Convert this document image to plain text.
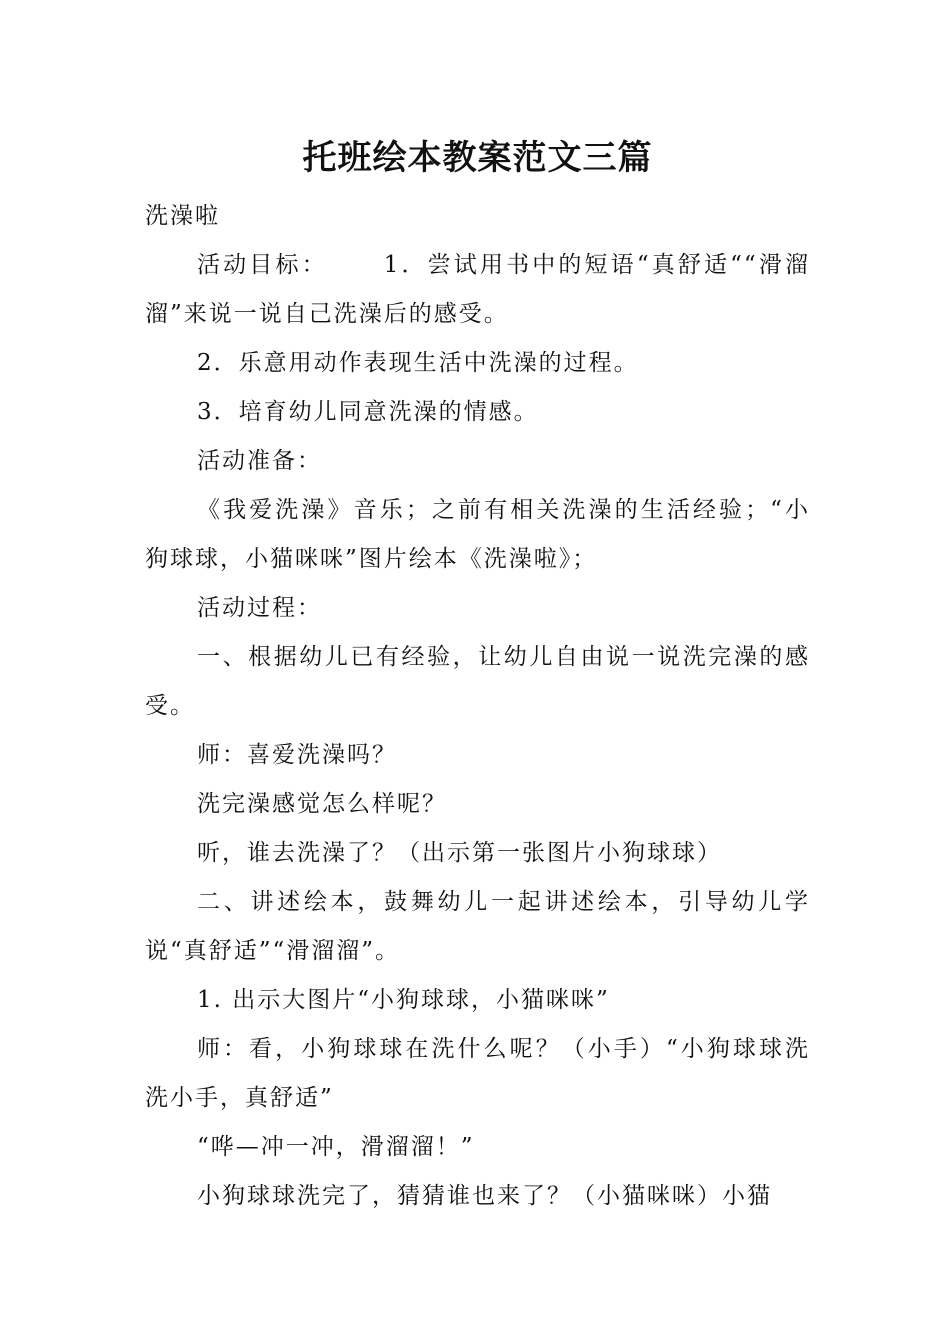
托班绘本教案范文三篇

洗澡啦

活动目标： 1．尝试用书中的短语“真舒适““滑溜溜”来说一说自己洗澡后的感受。

2．乐意用动作表现生活中洗澡的过程。

3．培育幼儿同意洗澡的情感。

活动准备：

《我爱洗澡》音乐；之前有相关洗澡的生活经验；“小狗球球，小猫咪咪”图片绘本《洗澡啦》；

活动过程：

一、根据幼儿已有经验，让幼儿自由说一说洗完澡的感受。

师：喜爱洗澡吗？

洗完澡感觉怎么样呢？

听，谁去洗澡了？（出示第一张图片小狗球球）

二、讲述绘本，鼓舞幼儿一起讲述绘本，引导幼儿学说“真舒适”“滑溜溜”。

1. 出示大图片“小狗球球，小猫咪咪”

师：看，小狗球球在洗什么呢？（小手）“小狗球球洗洗小手，真舒适”

“哗—冲一冲，滑溜溜！”

小狗球球洗完了，猜猜谁也来了？（小猫咪咪）小猫
